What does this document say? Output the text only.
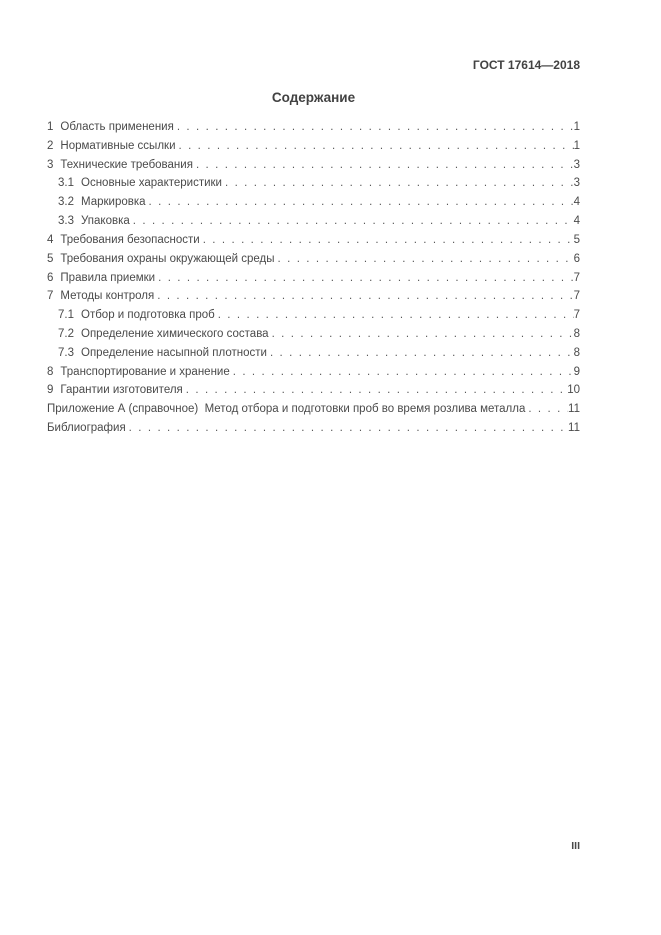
ГОСТ 17614—2018
Содержание
1 Область применения . . .	1
2 Нормативные ссылки . . .	1
3 Технические требования . . .	3
3.1 Основные характеристики . . .	3
3.2 Маркировка . . .	4
3.3 Упаковка . . .	4
4 Требования безопасности . . .	5
5 Требования охраны окружающей среды . . .	6
6 Правила приемки . . .	7
7 Методы контроля . . .	7
7.1 Отбор и подготовка проб . . .	7
7.2 Определение химического состава . . .	8
7.3 Определение насыпной плотности . . .	8
8 Транспортирование и хранение . . .	9
9 Гарантии изготовителя . . .	10
Приложение А (справочное)  Метод отбора и подготовки проб во время розлива металла . . .	11
Библиография . . .	11
III
